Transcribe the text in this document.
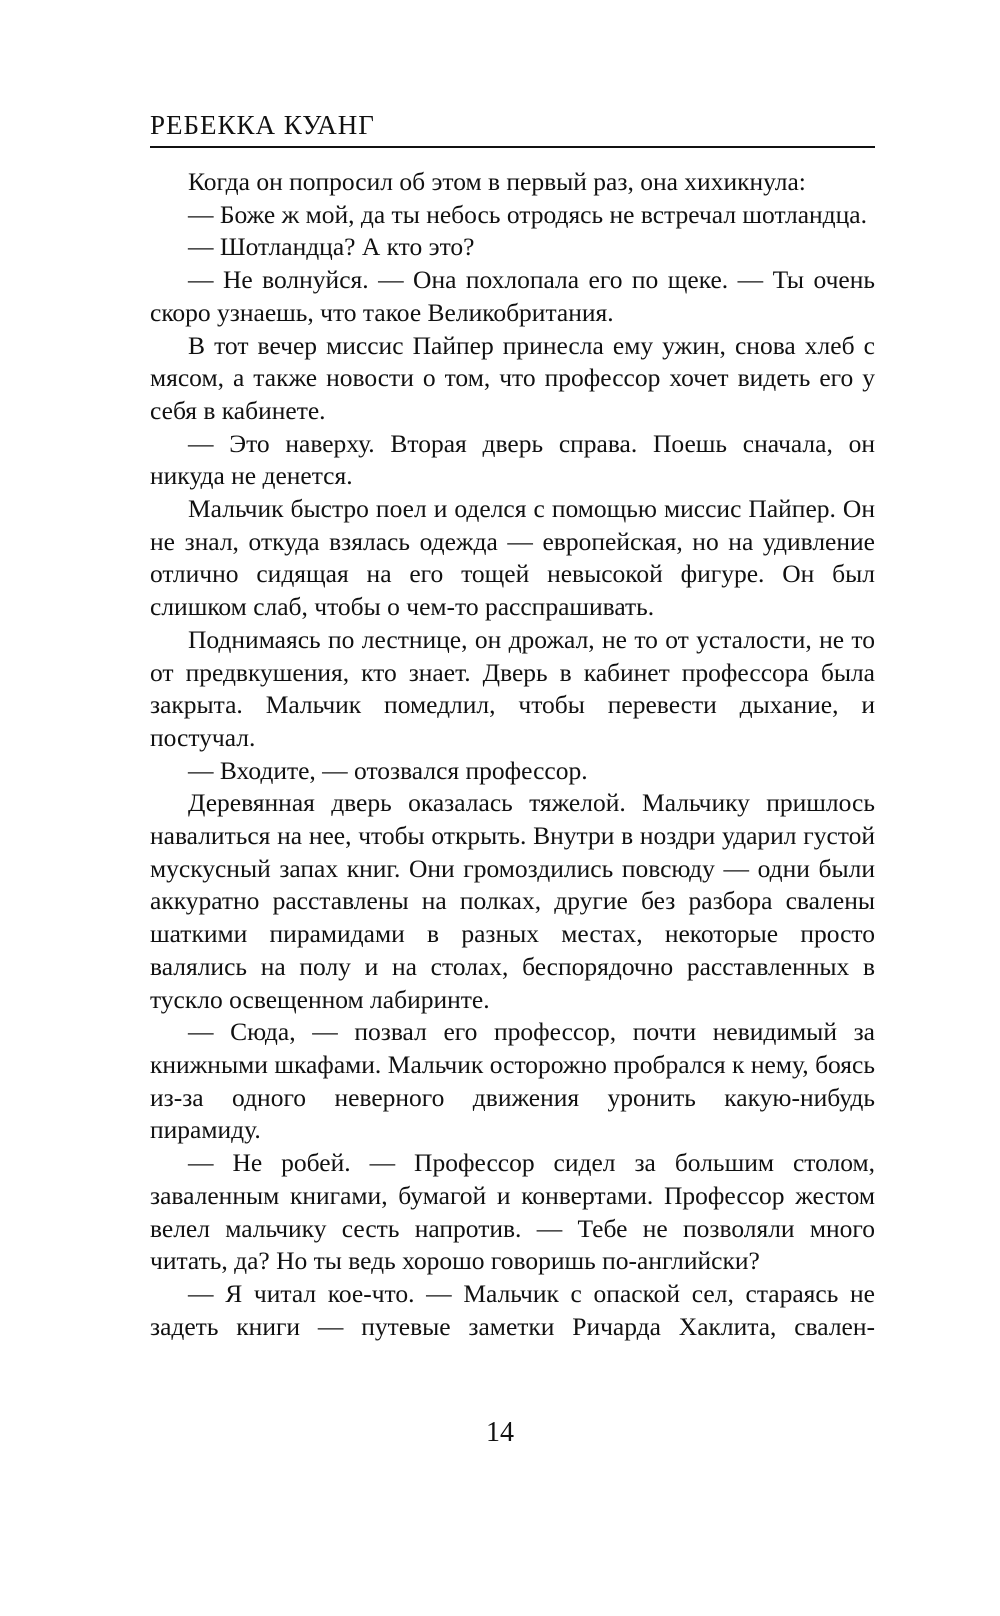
РЕБЕККА КУАНГ

Когда он попросил об этом в первый раз, она хихикнула:

— Боже ж мой, да ты небось отродясь не встречал шотландца.

— Шотландца? А кто это?

— Не волнуйся. — Она похлопала его по щеке. — Ты очень скоро узнаешь, что такое Великобритания.

В тот вечер миссис Пайпер принесла ему ужин, снова хлеб с мясом, а также новости о том, что профессор хочет видеть его у себя в кабинете.

— Это наверху. Вторая дверь справа. Поешь сначала, он никуда не денется.

Мальчик быстро поел и оделся с помощью миссис Пайпер. Он не знал, откуда взялась одежда — европейская, но на удивление отлично сидящая на его тощей невысокой фигуре. Он был слишком слаб, чтобы о чем-то расспрашивать.

Поднимаясь по лестнице, он дрожал, не то от усталости, не то от предвкушения, кто знает. Дверь в кабинет профессора была закрыта. Мальчик помедлил, чтобы перевести дыхание, и постучал.

— Входите, — отозвался профессор.

Деревянная дверь оказалась тяжелой. Мальчику пришлось навалиться на нее, чтобы открыть. Внутри в ноздри ударил густой мускусный запах книг. Они громоздились повсюду — одни были аккуратно расставлены на полках, другие без разбора свалены шаткими пирамидами в разных местах, некоторые просто валялись на полу и на столах, беспорядочно расставленных в тускло освещенном лабиринте.

— Сюда, — позвал его профессор, почти невидимый за книжными шкафами. Мальчик осторожно пробрался к нему, боясь из-за одного неверного движения уронить какую-нибудь пирамиду.

— Не робей. — Профессор сидел за большим столом, заваленным книгами, бумагой и конвертами. Профессор жестом велел мальчику сесть напротив. — Тебе не позволяли много читать, да? Но ты ведь хорошо говоришь по-английски?

— Я читал кое-что. — Мальчик с опаской сел, стараясь не задеть книги — путевые заметки Ричарда Хаклита, свален-

14
